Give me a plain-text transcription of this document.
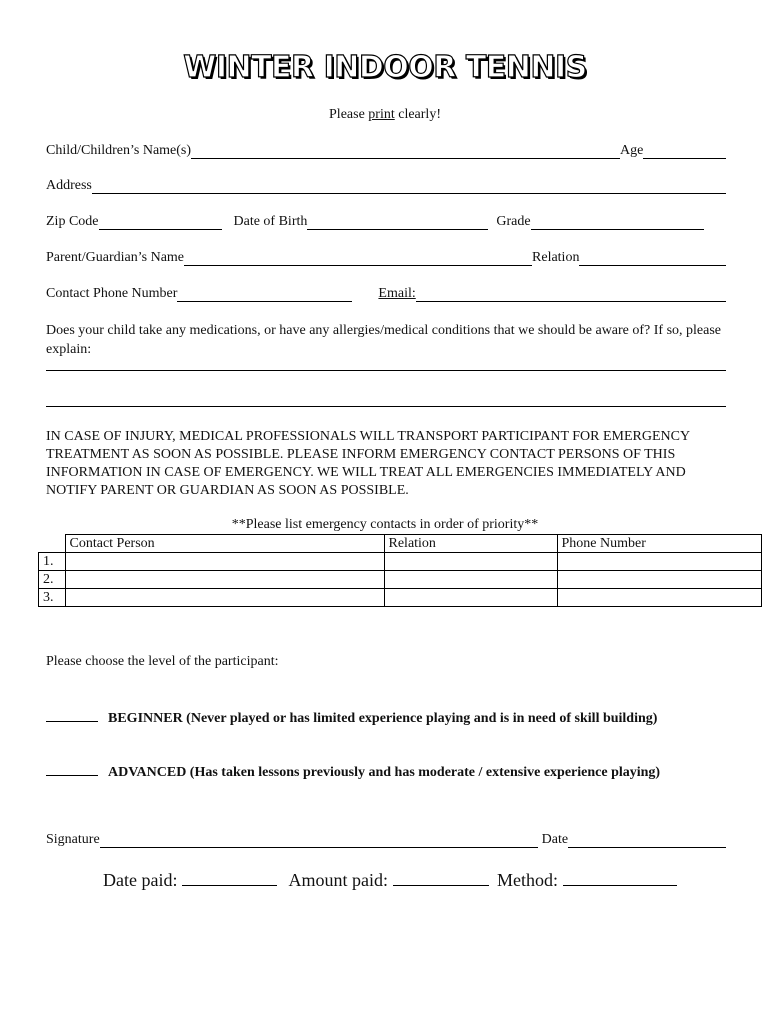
WINTER INDOOR TENNIS
Please print clearly!
Child/Children’s Name(s)	Age
Address
Zip Code	Date of Birth	Grade
Parent/Guardian’s Name	Relation
Contact Phone Number	Email:
Does your child take any medications, or have any allergies/medical conditions that we should be aware of? If so, please explain:
IN CASE OF INJURY, MEDICAL PROFESSIONALS WILL TRANSPORT PARTICIPANT FOR EMERGENCY TREATMENT AS SOON AS POSSIBLE. PLEASE INFORM EMERGENCY CONTACT PERSONS OF THIS INFORMATION IN CASE OF EMERGENCY. WE WILL TREAT ALL EMERGENCIES IMMEDIATELY AND NOTIFY PARENT OR GUARDIAN AS SOON AS POSSIBLE.
**Please list emergency contacts in order of priority**
	Contact Person	Relation	Phone Number
1.			
2.			
3.			
Please choose the level of the participant:
BEGINNER (Never played or has limited experience playing and is in need of skill building)
ADVANCED (Has taken lessons previously and has moderate / extensive experience playing)
Signature	Date
Date paid:	Amount paid:	Method:
